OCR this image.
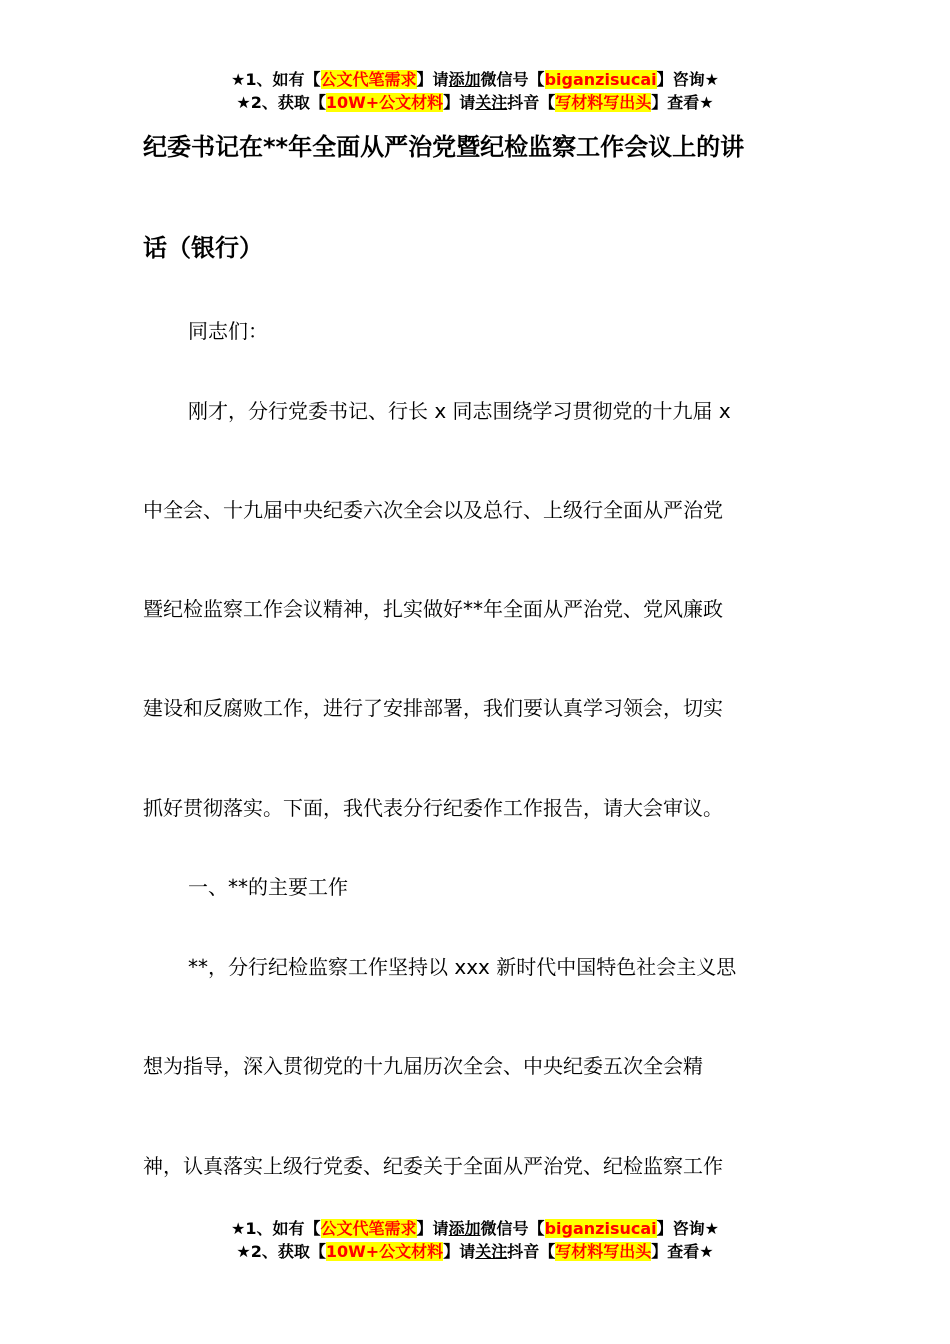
★1、如有【公文代笔需求】请添加微信号【biganzisucai】咨询★
★2、获取【10W+公文材料】请关注抖音【写材料写出头】查看★
纪委书记在**年全面从严治党暨纪检监察工作会议上的讲
话（银行）
同志们：
刚才，分行党委书记、行长 x 同志围绕学习贯彻党的十九届 x
中全会、十九届中央纪委六次全会以及总行、上级行全面从严治党
暨纪检监察工作会议精神，扎实做好**年全面从严治党、党风廉政
建设和反腐败工作，进行了安排部署，我们要认真学习领会，切实
抓好贯彻落实。下面，我代表分行纪委作工作报告，请大会审议。
一、**的主要工作
**，分行纪检监察工作坚持以 xxx 新时代中国特色社会主义思
想为指导，深入贯彻党的十九届历次全会、中央纪委五次全会精
神，认真落实上级行党委、纪委关于全面从严治党、纪检监察工作
★1、如有【公文代笔需求】请添加微信号【biganzisucai】咨询★
★2、获取【10W+公文材料】请关注抖音【写材料写出头】查看★
